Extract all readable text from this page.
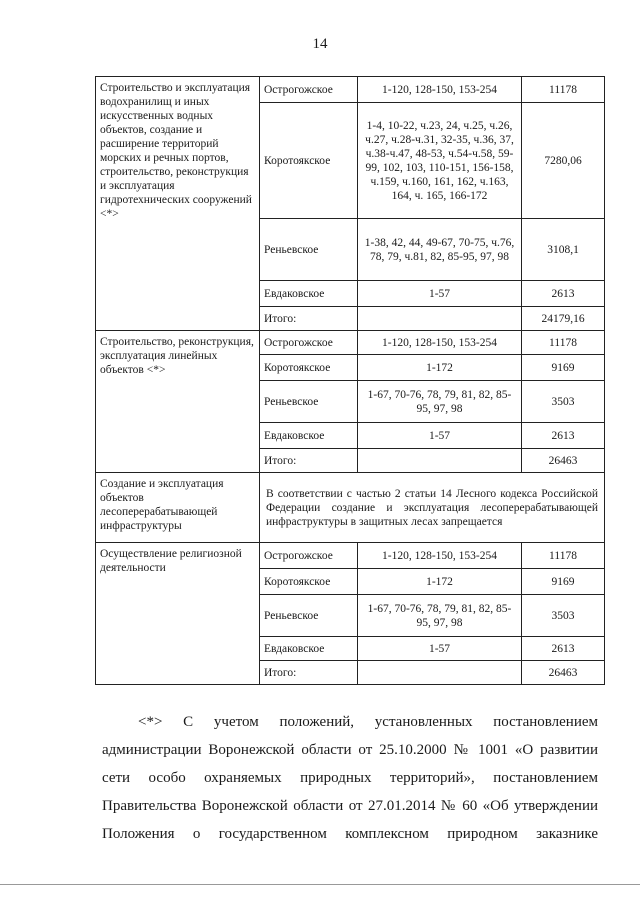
14
Строительство и эксплуатация водохранилищ и иных искусственных водных объектов, создание и расширение территорий морских и речных портов, строительство, реконструкция и эксплуатация гидротехнических сооружений <*>	Острогожское	1-120, 128-150, 153-254	11178
	Коротоякское	1-4, 10-22, ч.23, 24, ч.25, ч.26, ч.27, ч.28-ч.31, 32-35, ч.36, 37, ч.38-ч.47, 48-53, ч.54-ч.58, 59-99, 102, 103, 110-151, 156-158, ч.159, ч.160, 161, 162, ч.163, 164, ч. 165, 166-172	7280,06
	Реньевское	1-38, 42, 44, 49-67, 70-75, ч.76, 78, 79, ч.81, 82, 85-95, 97, 98	3108,1
	Евдаковское	1-57	2613
	Итого:		24179,16
Строительство, реконструкция, эксплуатация линейных объектов <*>	Острогожское	1-120, 128-150, 153-254	11178
	Коротоякское	1-172	9169
	Реньевское	1-67, 70-76, 78, 79, 81, 82, 85-95, 97, 98	3503
	Евдаковское	1-57	2613
	Итого:		26463
Создание и эксплуатация объектов лесоперерабатывающей инфраструктуры	В соответствии с частью 2 статьи 14 Лесного кодекса Российской Федерации создание и эксплуатация лесоперерабатывающей инфраструктуры в защитных лесах запрещается		
Осуществление религиозной деятельности	Острогожское	1-120, 128-150, 153-254	11178
	Коротоякское	1-172	9169
	Реньевское	1-67, 70-76, 78, 79, 81, 82, 85-95, 97, 98	3503
	Евдаковское	1-57	2613
	Итого:		26463

<*> С учетом положений, установленных постановлением администрации Воронежской области от 25.10.2000 № 1001 «О развитии сети особо охраняемых природных территорий», постановлением Правительства Воронежской области от 27.01.2014 № 60 «Об утверждении Положения о государственном комплексном природном заказнике
